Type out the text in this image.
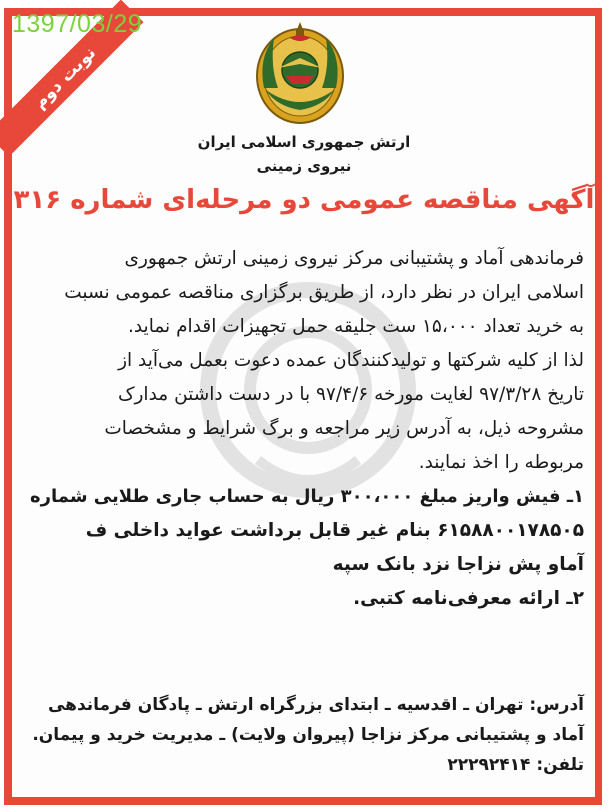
1397/03/29
نوبت دوم
ارتش جمهوری اسلامی ایران
نیروی زمینی
آگهی مناقصه عمومی دو مرحله‌ای شماره ۳۱۶
فرماندهی آماد و پشتیبانی مرکز نیروی زمینی ارتش جمهوری
اسلامی ایران در نظر دارد، از طریق برگزاری مناقصه عمومی نسبت
به خرید تعداد ۱۵،۰۰۰ ست جلیقه حمل تجهیزات اقدام نماید.
لذا از کلیه شرکتها و تولیدکنندگان عمده دعوت بعمل می‌آید از
تاریخ ۹۷/۳/۲۸ لغایت مورخه ۹۷/۴/۶ با در دست داشتن مدارک
مشروحه ذیل، به آدرس زیر مراجعه و برگ شرایط و مشخصات
مربوطه را اخذ نمایند.
۱ـ فیش واریز مبلغ ۳۰۰،۰۰۰ ریال به حساب جاری طلایی شماره
۶۱۵۸۸۰۰۱۷۸۵۰۵ بنام غیر قابل برداشت عواید داخلی ف
آماو پش نزاجا نزد بانک سپه
۲ـ ارائه معرفی‌نامه کتبی.
آدرس: تهران ـ اقدسیه ـ ابتدای بزرگراه ارتش ـ پادگان فرماندهی
آماد و پشتیبانی مرکز نزاجا (پیروان ولایت) ـ مدیریت خرید و پیمان.
تلفن: ۲۲۲۹۲۴۱۴
